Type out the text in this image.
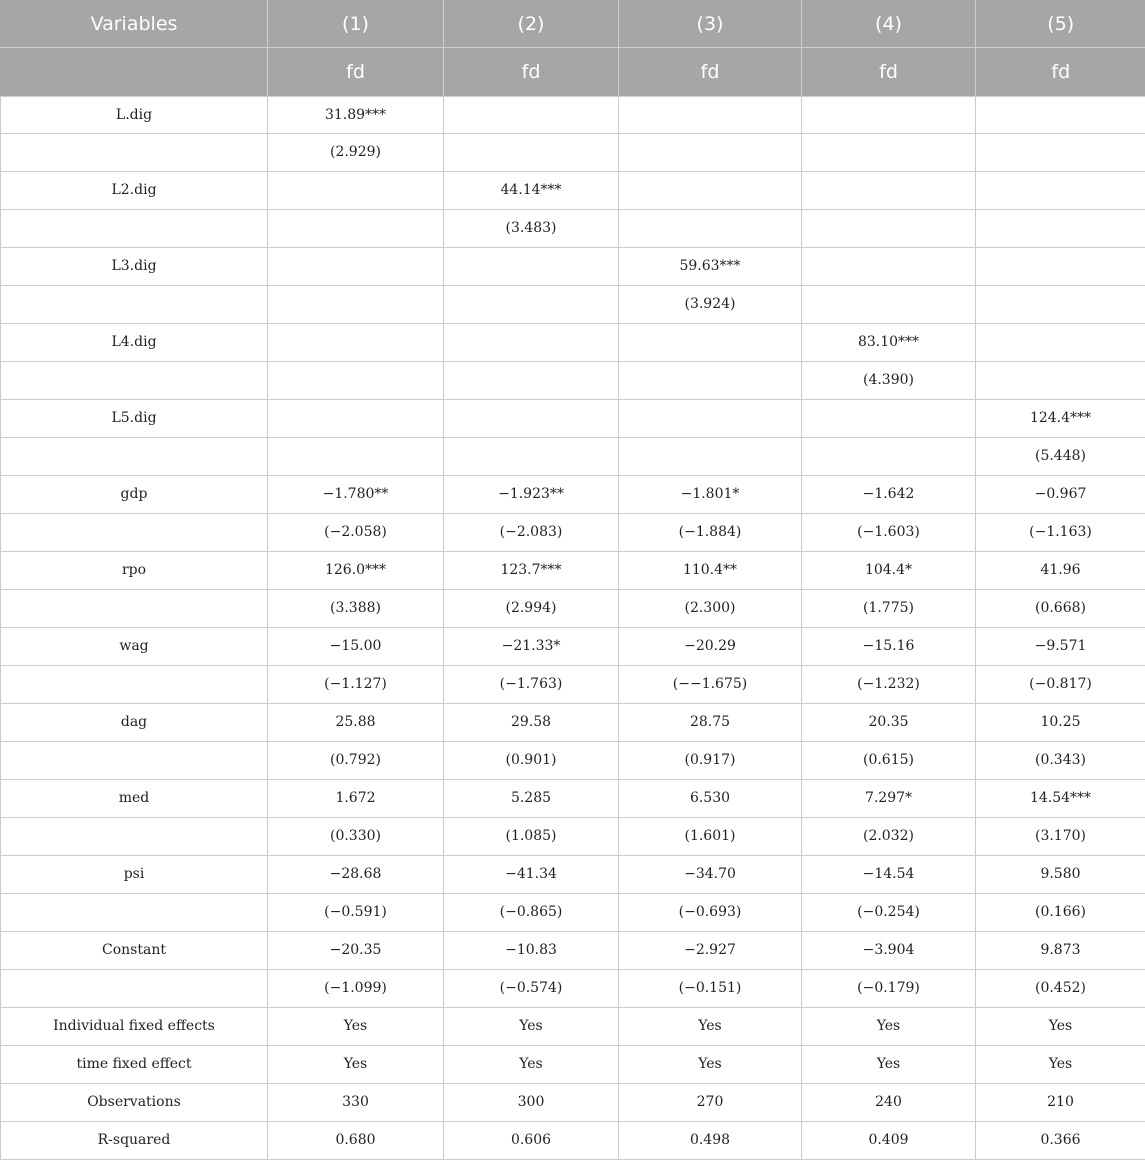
Variables	(1)	(2)	(3)	(4)	(5)
	fd	fd	fd	fd	fd
L.dig	31.89***				
	(2.929)				
L2.dig		44.14***			
		(3.483)			
L3.dig			59.63***		
			(3.924)		
L4.dig				83.10***	
				(4.390)	
L5.dig					124.4***
					(5.448)
gdp	−1.780**	−1.923**	−1.801*	−1.642	−0.967
	(−2.058)	(−2.083)	(−1.884)	(−1.603)	(−1.163)
rpo	126.0***	123.7***	110.4**	104.4*	41.96
	(3.388)	(2.994)	(2.300)	(1.775)	(0.668)
wag	−15.00	−21.33*	−20.29	−15.16	−9.571
	(−1.127)	(−1.763)	(−−1.675)	(−1.232)	(−0.817)
dag	25.88	29.58	28.75	20.35	10.25
	(0.792)	(0.901)	(0.917)	(0.615)	(0.343)
med	1.672	5.285	6.530	7.297*	14.54***
	(0.330)	(1.085)	(1.601)	(2.032)	(3.170)
psi	−28.68	−41.34	−34.70	−14.54	9.580
	(−0.591)	(−0.865)	(−0.693)	(−0.254)	(0.166)
Constant	−20.35	−10.83	−2.927	−3.904	9.873
	(−1.099)	(−0.574)	(−0.151)	(−0.179)	(0.452)
Individual fixed effects	Yes	Yes	Yes	Yes	Yes
time fixed effect	Yes	Yes	Yes	Yes	Yes
Observations	330	300	270	240	210
R-squared	0.680	0.606	0.498	0.409	0.366
